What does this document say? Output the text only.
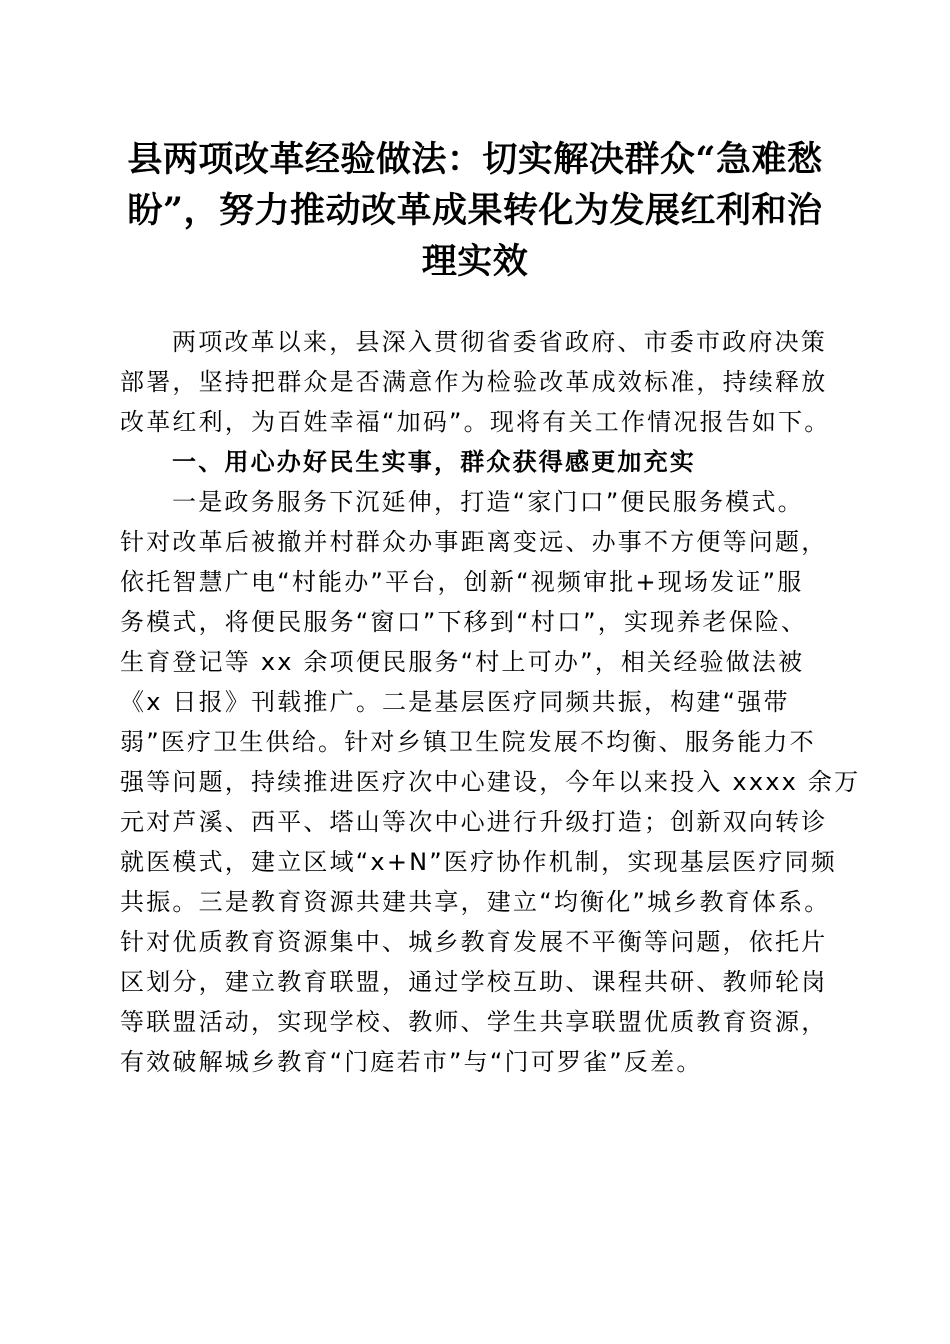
县两项改革经验做法：切实解决群众“急难愁
盼”，努力推动改革成果转化为发展红利和治
理实效
两项改革以来，县深入贯彻省委省政府、市委市政府决策
部署，坚持把群众是否满意作为检验改革成效标准，持续释放
改革红利，为百姓幸福“加码”。现将有关工作情况报告如下。
一、用心办好民生实事，群众获得感更加充实
一是政务服务下沉延伸，打造“家门口”便民服务模式。
针对改革后被撤并村群众办事距离变远、办事不方便等问题，
依托智慧广电“村能办”平台，创新“视频审批+现场发证”服
务模式，将便民服务“窗口”下移到“村口”，实现养老保险、
生育登记等 xx 余项便民服务“村上可办”，相关经验做法被
《x 日报》刊载推广。二是基层医疗同频共振，构建“强带
弱”医疗卫生供给。针对乡镇卫生院发展不均衡、服务能力不
强等问题，持续推进医疗次中心建设，今年以来投入 xxxx 余万
元对芦溪、西平、塔山等次中心进行升级打造；创新双向转诊
就医模式，建立区域“x+N”医疗协作机制，实现基层医疗同频
共振。三是教育资源共建共享，建立“均衡化”城乡教育体系。
针对优质教育资源集中、城乡教育发展不平衡等问题，依托片
区划分，建立教育联盟，通过学校互助、课程共研、教师轮岗
等联盟活动，实现学校、教师、学生共享联盟优质教育资源，
有效破解城乡教育“门庭若市”与“门可罗雀”反差。
